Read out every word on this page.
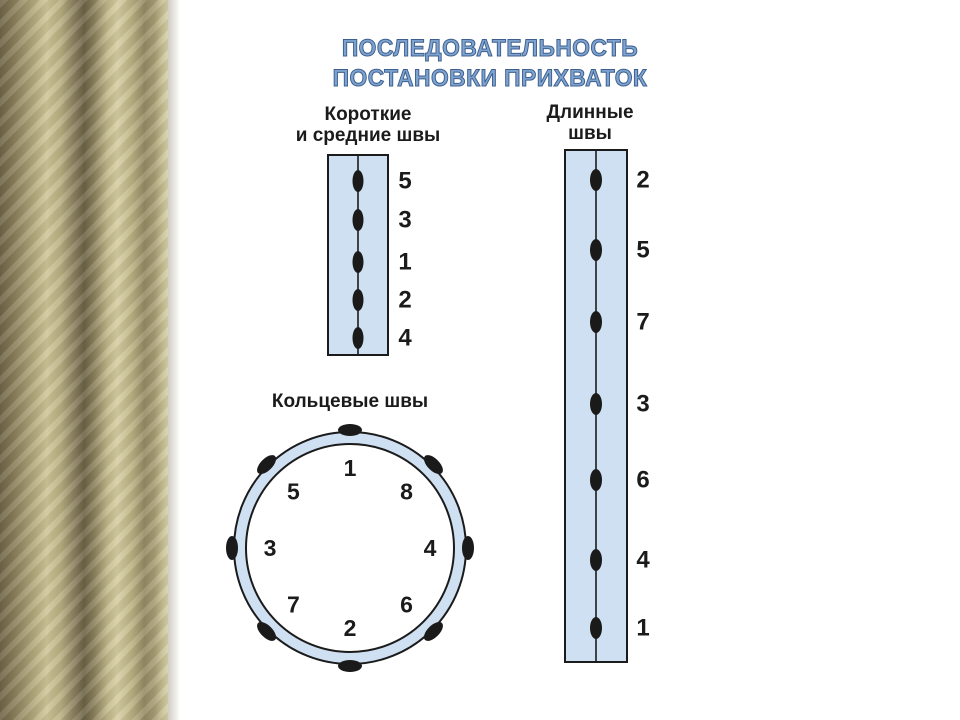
ПОСЛЕДОВАТЕЛЬНОСТЬ
ПОСТАНОВКИ ПРИХВАТОК
Короткие
и средние швы
Длинные
швы
Кольцевые швы
5
3
1
2
4
2
5
7
3
6
4
1
1
8
4
6
2
7
3
5
